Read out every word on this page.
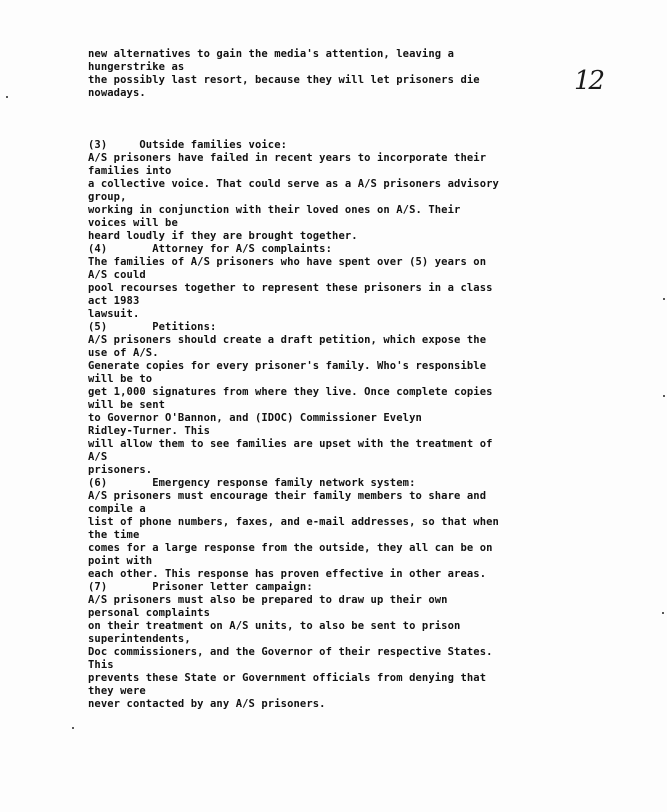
12
new alternatives to gain the media's attention, leaving a
hungerstrike as
the possibly last resort, because they will let prisoners die
nowadays.
(3)     Outside families voice:
A/S prisoners have failed in recent years to incorporate their
families into
a collective voice. That could serve as a A/S prisoners advisory
group,
working in conjunction with their loved ones on A/S. Their
voices will be
heard loudly if they are brought together.
(4)       Attorney for A/S complaints:
The families of A/S prisoners who have spent over (5) years on
A/S could
pool recourses together to represent these prisoners in a class
act 1983
lawsuit.
(5)       Petitions:
A/S prisoners should create a draft petition, which expose the
use of A/S.
Generate copies for every prisoner's family. Who's responsible
will be to
get 1,000 signatures from where they live. Once complete copies
will be sent
to Governor O'Bannon, and (IDOC) Commissioner Evelyn
Ridley-Turner. This
will allow them to see families are upset with the treatment of
A/S
prisoners.
(6)       Emergency response family network system:
A/S prisoners must encourage their family members to share and
compile a
list of phone numbers, faxes, and e-mail addresses, so that when
the time
comes for a large response from the outside, they all can be on
point with
each other. This response has proven effective in other areas.
(7)       Prisoner letter campaign:
A/S prisoners must also be prepared to draw up their own
personal complaints
on their treatment on A/S units, to also be sent to prison
superintendents,
Doc commissioners, and the Governor of their respective States.
This
prevents these State or Government officials from denying that
they were
never contacted by any A/S prisoners.
